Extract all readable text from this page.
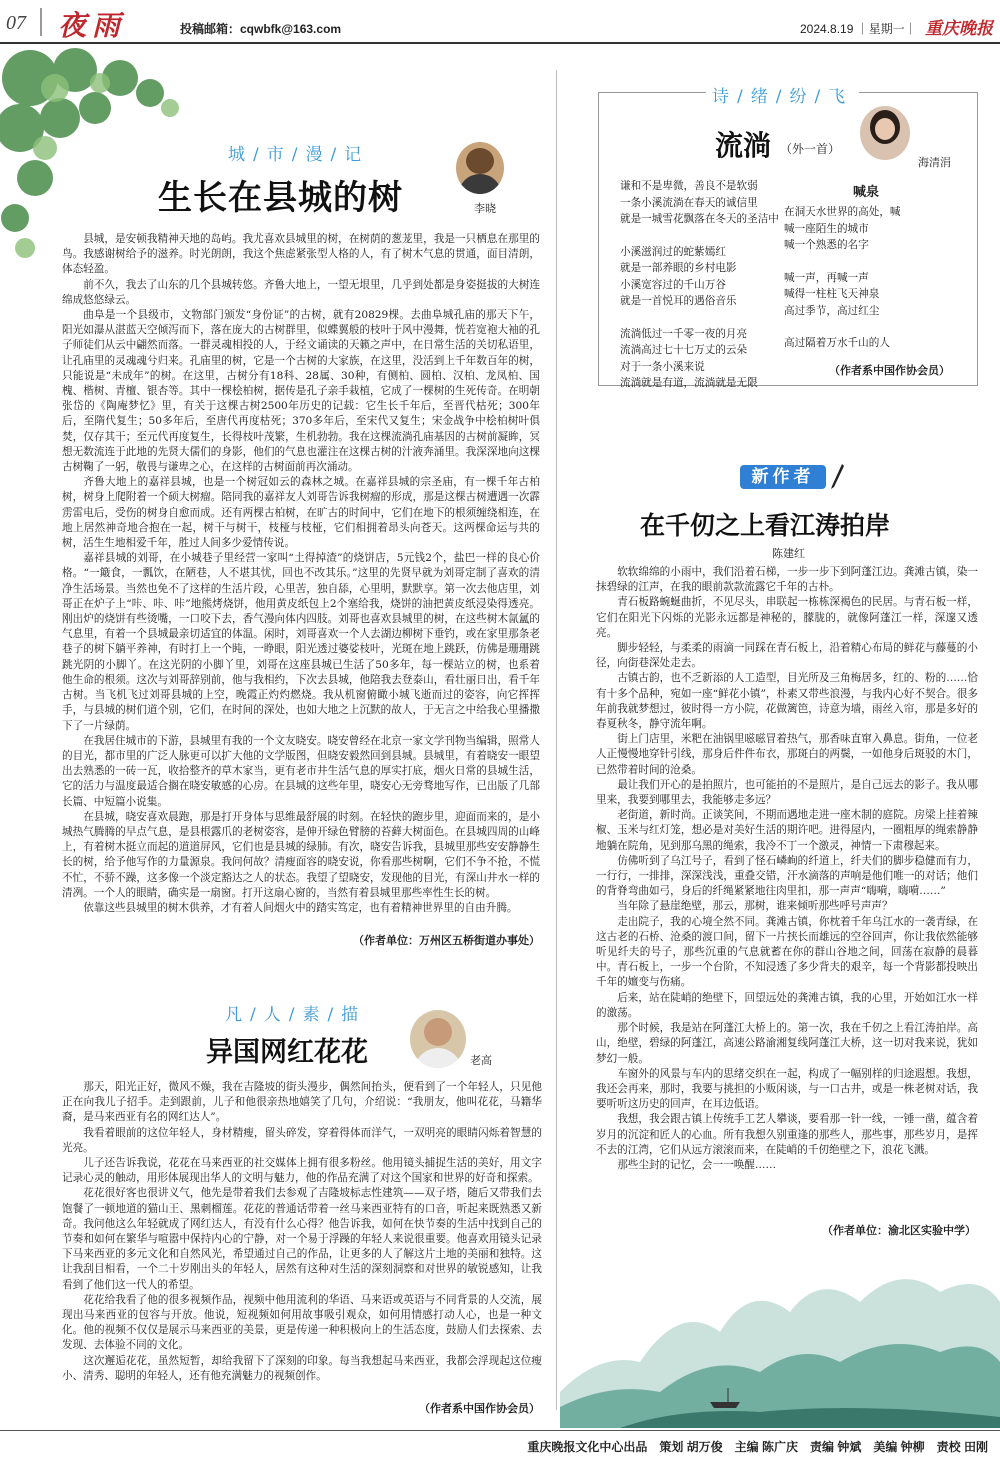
07 夜雨	投稿邮箱：cqwbfk@163.com	2024.8.19 ｜星期一｜ 重庆晚报
城/市/漫/记
生长在县城的树	李晓

县城，是安顿我精神天地的岛屿。我尤喜欢县城里的树，在树荫的葱茏里，我是一只栖息在那里的鸟。我感谢树给予的滋养。时光朗朗，我这个焦虑紧张型人格的人，有了树木气息的贯通，面目清朗，体态轻盈。

前不久，我去了山东的几个县城转悠。齐鲁大地上，一望无垠里，几乎到处都是身姿挺拔的大树连绵成悠悠绿云。

曲阜是一个县级市，文物部门颁发“身份证”的古树，就有20829棵。去曲阜城孔庙的那天下午，阳光如瀑从湛蓝天空倾泻而下，落在庞大的古树群里，似蝶翼般的枝叶于风中漫舞，恍若宽袍大袖的孔子师徒们从云中翩然而落。一群灵魂相投的人，于经文诵读的天籁之声中，在日常生活的关切私语里，让孔庙里的灵魂魂兮归来。孔庙里的树，它是一个古树的大家族，在这里，没活到上千年数百年的树，只能说是“未成年”的树。在这里，古树分有18科、28属、30种，有侧柏、圆柏、汉柏、龙凤柏、国槐、楷树、青檀、银杏等。其中一棵桧柏树，据传是孔子亲手栽植，它成了一棵树的生死传奇。在明朝张岱的《陶庵梦忆》里，有关于这棵古树2500年历史的记载：它生长千年后，至晋代枯死；300年后，至隋代复生；50多年后，至唐代再度枯死；370多年后，至宋代又复生；宋金战争中桧柏树叶俱焚，仅存其干；至元代再度复生，长得枝叶茂繁，生机勃勃。我在这棵流淌孔庙基因的古树前凝眸，冥想无数流连于此地的先贤大儒们的身影，他们的气息也灌注在这棵古树的汁液奔涌里。我深深地向这棵古树鞠了一躬，敬畏与谦卑之心，在这样的古树面前再次涌动。

齐鲁大地上的嘉祥县城，也是一个树冠如云的森林之城。在嘉祥县城的宗圣庙，有一棵千年古柏树，树身上爬附着一个硕大树瘤。陪同我的嘉祥友人刘哥告诉我树瘤的形成，那是这棵古树遭遇一次霹雳雷电后，受伤的树身自愈而成。还有两棵古柏树，在旷古的时间中，它们在地下的根须缠绕相连，在地上居然神奇地合抱在一起，树干与树干，枝桠与枝桠，它们相拥着昂头向苍天。这两棵命运与共的树，活生生地相爱千年，胜过人间多少爱情传说。

嘉祥县城的刘哥，在小城巷子里经营一家叫“土得掉渣”的烧饼店，5元钱2个，盐巴一样的良心价格。“一簸食，一瓢饮，在陋巷，人不堪其忧，回也不改其乐。”这里的先贤早就为刘哥定制了喜欢的清净生活场景。当然也免不了这样的生活片段，心里苦，独自舔，心里明，默默享。第一次去他店里，刘哥正在炉子上“咔、咔、咔”地熊烤烧饼，他用黄皮纸包上2个塞给我，烧饼的油把黄皮纸浸染得透亮。刚出炉的烧饼有些烫嘴，一口咬下去，香气漫向体内四肢。刘哥也喜欢县城里的树，在这些树木氤氲的气息里，有着一个县城最亲切适宜的体温。闲时，刘哥喜欢一个人去湖边柳树下垂钓，或在家里那条老巷子的树下躺平养神，有时打上一个盹，一睁眼，阳光透过婆娑枝叶，光斑在地上跳跃，仿佛是珊珊跳跳光阴的小脚丫。在这光阴的小脚丫里，刘哥在这座县城已生活了50多年，每一棵站立的树，也系着他生命的根须。这次与刘哥辞别前，他与我相约，下次去县城，他陪我去登泰山，看壮丽日出，看千年古树。当飞机飞过刘哥县城的上空，晚霞正灼灼燃烧。我从机窗俯瞰小城飞逝而过的姿容，向它挥挥手，与县城的树们道个别，它们，在时间的深处，也如大地之上沉默的故人，于无言之中给我心里播撒下了一片绿荫。

在我居住城市的下游，县城里有我的一个文友晓安。晓安曾经在北京一家文学刊物当编辑，照常人的目光，都市里的广泛人脉更可以扩大他的文学版图，但晓安毅然回到县城。县城里，有着晓安一眼望出去熟悉的一砖一瓦，收拾整齐的草木家当，更有老市井生活气息的厚实打底，烟火日常的县城生活，它的活力与温度最适合搁在晓安敏感的心房。在县城的这些年里，晓安心无旁骛地写作，已出版了几部长篇、中短篇小说集。

在县城，晓安喜欢晨跑，那是打开身体与思维最舒展的时刻。在轻快的跑步里，迎面而来的，是小城热气腾腾的早点气息，是县根露爪的老树姿容，是伸开绿色臂膀的苔藓大树面色。在县城四周的山峰上，有着树木挺立而起的道道屏风，它们也是县城的绿肺。有次，晓安告诉我，县城里那些安安静静生长的树，给予他写作的力量源泉。我问何故？清瘦面容的晓安说，你看那些树啊，它们不争不抢，不慌不忙，不骄不躁，这多像一个淡定豁达之人的状态。我望了望晓安，发现他的目光，有深山井水一样的清冽。一个人的眼睛，确实是一扇窗。打开这扇心窗的，当然有着县城里那些率性生长的树。

依靠这些县城里的树木供养，才有着人间烟火中的踏实笃定，也有着精神世界里的自由升腾。

（作者单位：万州区五桥街道办事处）
凡/人/素/描
异国网红花花	老高

那天，阳光正好，微风不燥，我在吉隆坡的街头漫步，偶然间抬头，便看到了一个年轻人，只见他正在向我儿子招手。走到跟前，儿子和他很亲热地嬉笑了几句，介绍说：“我朋友，他叫花花，马籍华裔，是马来西亚有名的网红达人”。

我看着眼前的这位年轻人，身材精瘦，留头碎发，穿着得体而洋气，一双明亮的眼睛闪烁着智慧的光亮。

儿子还告诉我说，花花在马来西亚的社交媒体上拥有很多粉丝。他用镜头捕捉生活的美好，用文字记录心灵的触动，用形体展现出华人的文明与魅力，他的作品充满了对这个国家和世界的好奇和探索。

花花很好客也很讲义气，他先是带着我们去参观了吉隆坡标志性建筑——双子塔，随后又带我们去饱餐了一顿地道的猫山王、黑刺榴莲。花花的普通话带着一丝马来西亚特有的口音，听起来既熟悉又新奇。我问他这么年轻就成了网红达人，有没有什么心得？他告诉我，如何在快节奏的生活中找到自己的节奏和如何在繁华与喧嚣中保持内心的宁静，对一个易于浮躁的年轻人来说很重要。他喜欢用镜头记录下马来西亚的多元文化和自然风光，希望通过自己的作品，让更多的人了解这片土地的美丽和独特。这让我刮目相看，一个二十岁刚出头的年轻人，居然有这种对生活的深刻洞察和对世界的敏锐感知，让我看到了他们这一代人的希望。

花花给我看了他的很多视频作品，视频中他用流利的华语、马来语或英语与不同背景的人交流，展现出马来西亚的包容与开放。他说，短视频如何用故事吸引观众，如何用情感打动人心，也是一种文化。他的视频不仅仅是展示马来西亚的美景，更是传递一种积极向上的生活态度，鼓励人们去探索、去发现、去体验不同的文化。

这次邂逅花花，虽然短暂，却给我留下了深刻的印象。每当我想起马来西亚，我都会浮现起这位瘦小、清秀、聪明的年轻人，还有他充满魅力的视频创作。

（作者系中国作协会员）
诗/绪/纷/飞
流淌 （外一首）
海清涓
谦和不是卑微，善良不是软弱
一条小溪流淌在春天的诚信里
就是一城雪花飘落在冬天的圣洁中
小溪滋润过的蛇紫嫣红
就是一部养眼的乡村电影
小溪宽容过的千山万谷
就是一首悦耳的遇俗音乐
流淌低过一千零一夜的月亮
流淌高过七十七万丈的云朵
对于一条小溪来说
流淌就是有道，流淌就是无限
喊泉
在洞天水世界的高处，喊
喊一座陌生的城市
喊一个熟悉的名字
喊一声，再喊一声
喊得一柱柱飞天神泉
高过季节，高过红尘
高过隔着万水千山的人
（作者系中国作协会员）
新作者
在千仞之上看江涛拍岸
陈建红

软软绵绵的小雨中，我们沿着石梯，一步一步下到阿蓬江边。龚滩古镇，染一抹碧绿的江声，在我的眼前款款流露它千年的古朴。

青石板路蜿蜒曲折，不见尽头，串联起一栋栋深褐色的民居。与青石板一样，它们在阳光下闪烁的光影永远都是神秘的，朦胧的，就像阿蓬江一样，深邃又透亮。

脚步轻轻，与柔柔的雨滴一同踩在青石板上，沿着精心布局的鲜花与藤蔓的小径，向街巷深处走去。

古镇古韵，也不乏新添的人工造型，目光所及三角梅居多，红的、粉的……恰有十多个品种，宛如一座“鲜花小镇”，朴素又带些浪漫，与我内心好不契合。很多年前我就梦想过，彼时得一方小院，花做篱笆，诗意为墙，雨丝入帘，那是多好的春夏秋冬，静守流年啊。

街上门店里，米粑在油锅里嗞嗞冒着热气，那香味直窜入鼻息。街角，一位老人正慢慢地穿针引线，那身后件件布衣，那斑白的两鬓，一如他身后斑驳的木门，已然带着时间的沧桑。

最让我们开心的是拍照片，也可能拍的不是照片，是自己远去的影子。我从哪里来，我要到哪里去，我能够走多远？

老街道，新时尚。正谈笑间，不期而遇地走进一座木制的庭院。房梁上挂着辣椒、玉米与红灯笼，想必是对美好生活的期许吧。进得屋内，一圈粗厚的绳索静静地躺在院角，见到那乌黑的绳索，我冷不丁一个激灵，神情一下肃穆起来。

仿佛听到了乌江号子，看到了怪石嶙峋的纤道上，纤夫们的脚步稳健而有力，一行行，一排排，深深浅浅，重叠交错，汗水滴落的声响是他们唯一的对话；他们的背脊弯曲如弓，身后的纤绳紧紧地往肉里扣，那一声声“嗨嗬，嗨嗬……”

当年除了悬崖绝壁，那云，那树，谁来倾听那些呼号声声？

走出院子，我的心境全然不同。龚滩古镇，你枕着千年乌江水的一袭青绿，在这古老的石桥、沧桑的渡口间，留下一片挟长而雄远的空谷回声，你让我依然能够听见纤夫的号子，那些沉重的气息就蓄在你的群山谷地之间，回荡在寂静的晨暮中。青石板上，一步一个台阶，不知浸透了多少背夫的艰辛，每一个背影都投映出千年的嬗变与伤痛。

后来，站在陡峭的绝壁下，回望远处的龚滩古镇，我的心里，开始如江水一样的激荡。

那个时候，我是站在阿蓬江大桥上的。第一次，我在千仞之上看江涛拍岸。高山，绝壁，碧绿的阿蓬江，高速公路渝湘复线阿蓬江大桥，这一切对我来说，犹如梦幻一般。

车窗外的风景与车内的思绪交织在一起，构成了一幅别样的归途遐想。我想，我还会再来，那时，我要与挑担的小贩闲谈，与一口古井，或是一株老树对话，我要听听这历史的回声，在耳边低语。

我想，我会跟古镇上传统手工艺人攀谈，要看那一针一线，一锤一凿，蕴含着岁月的沉淀和匠人的心血。所有我想久别重逢的那些人，那些事，那些岁月，是挥不去的江湾，它们从远方滚滚而来，在陡峭的千仞绝壁之下，浪花飞溅。

那些尘封的记忆，会一一唤醒……

（作者单位：渝北区实验中学）
重庆晚报文化中心出品　策划 胡万俊　主编 陈广庆　责编 钟斌　美编 钟柳　责校 田刚
